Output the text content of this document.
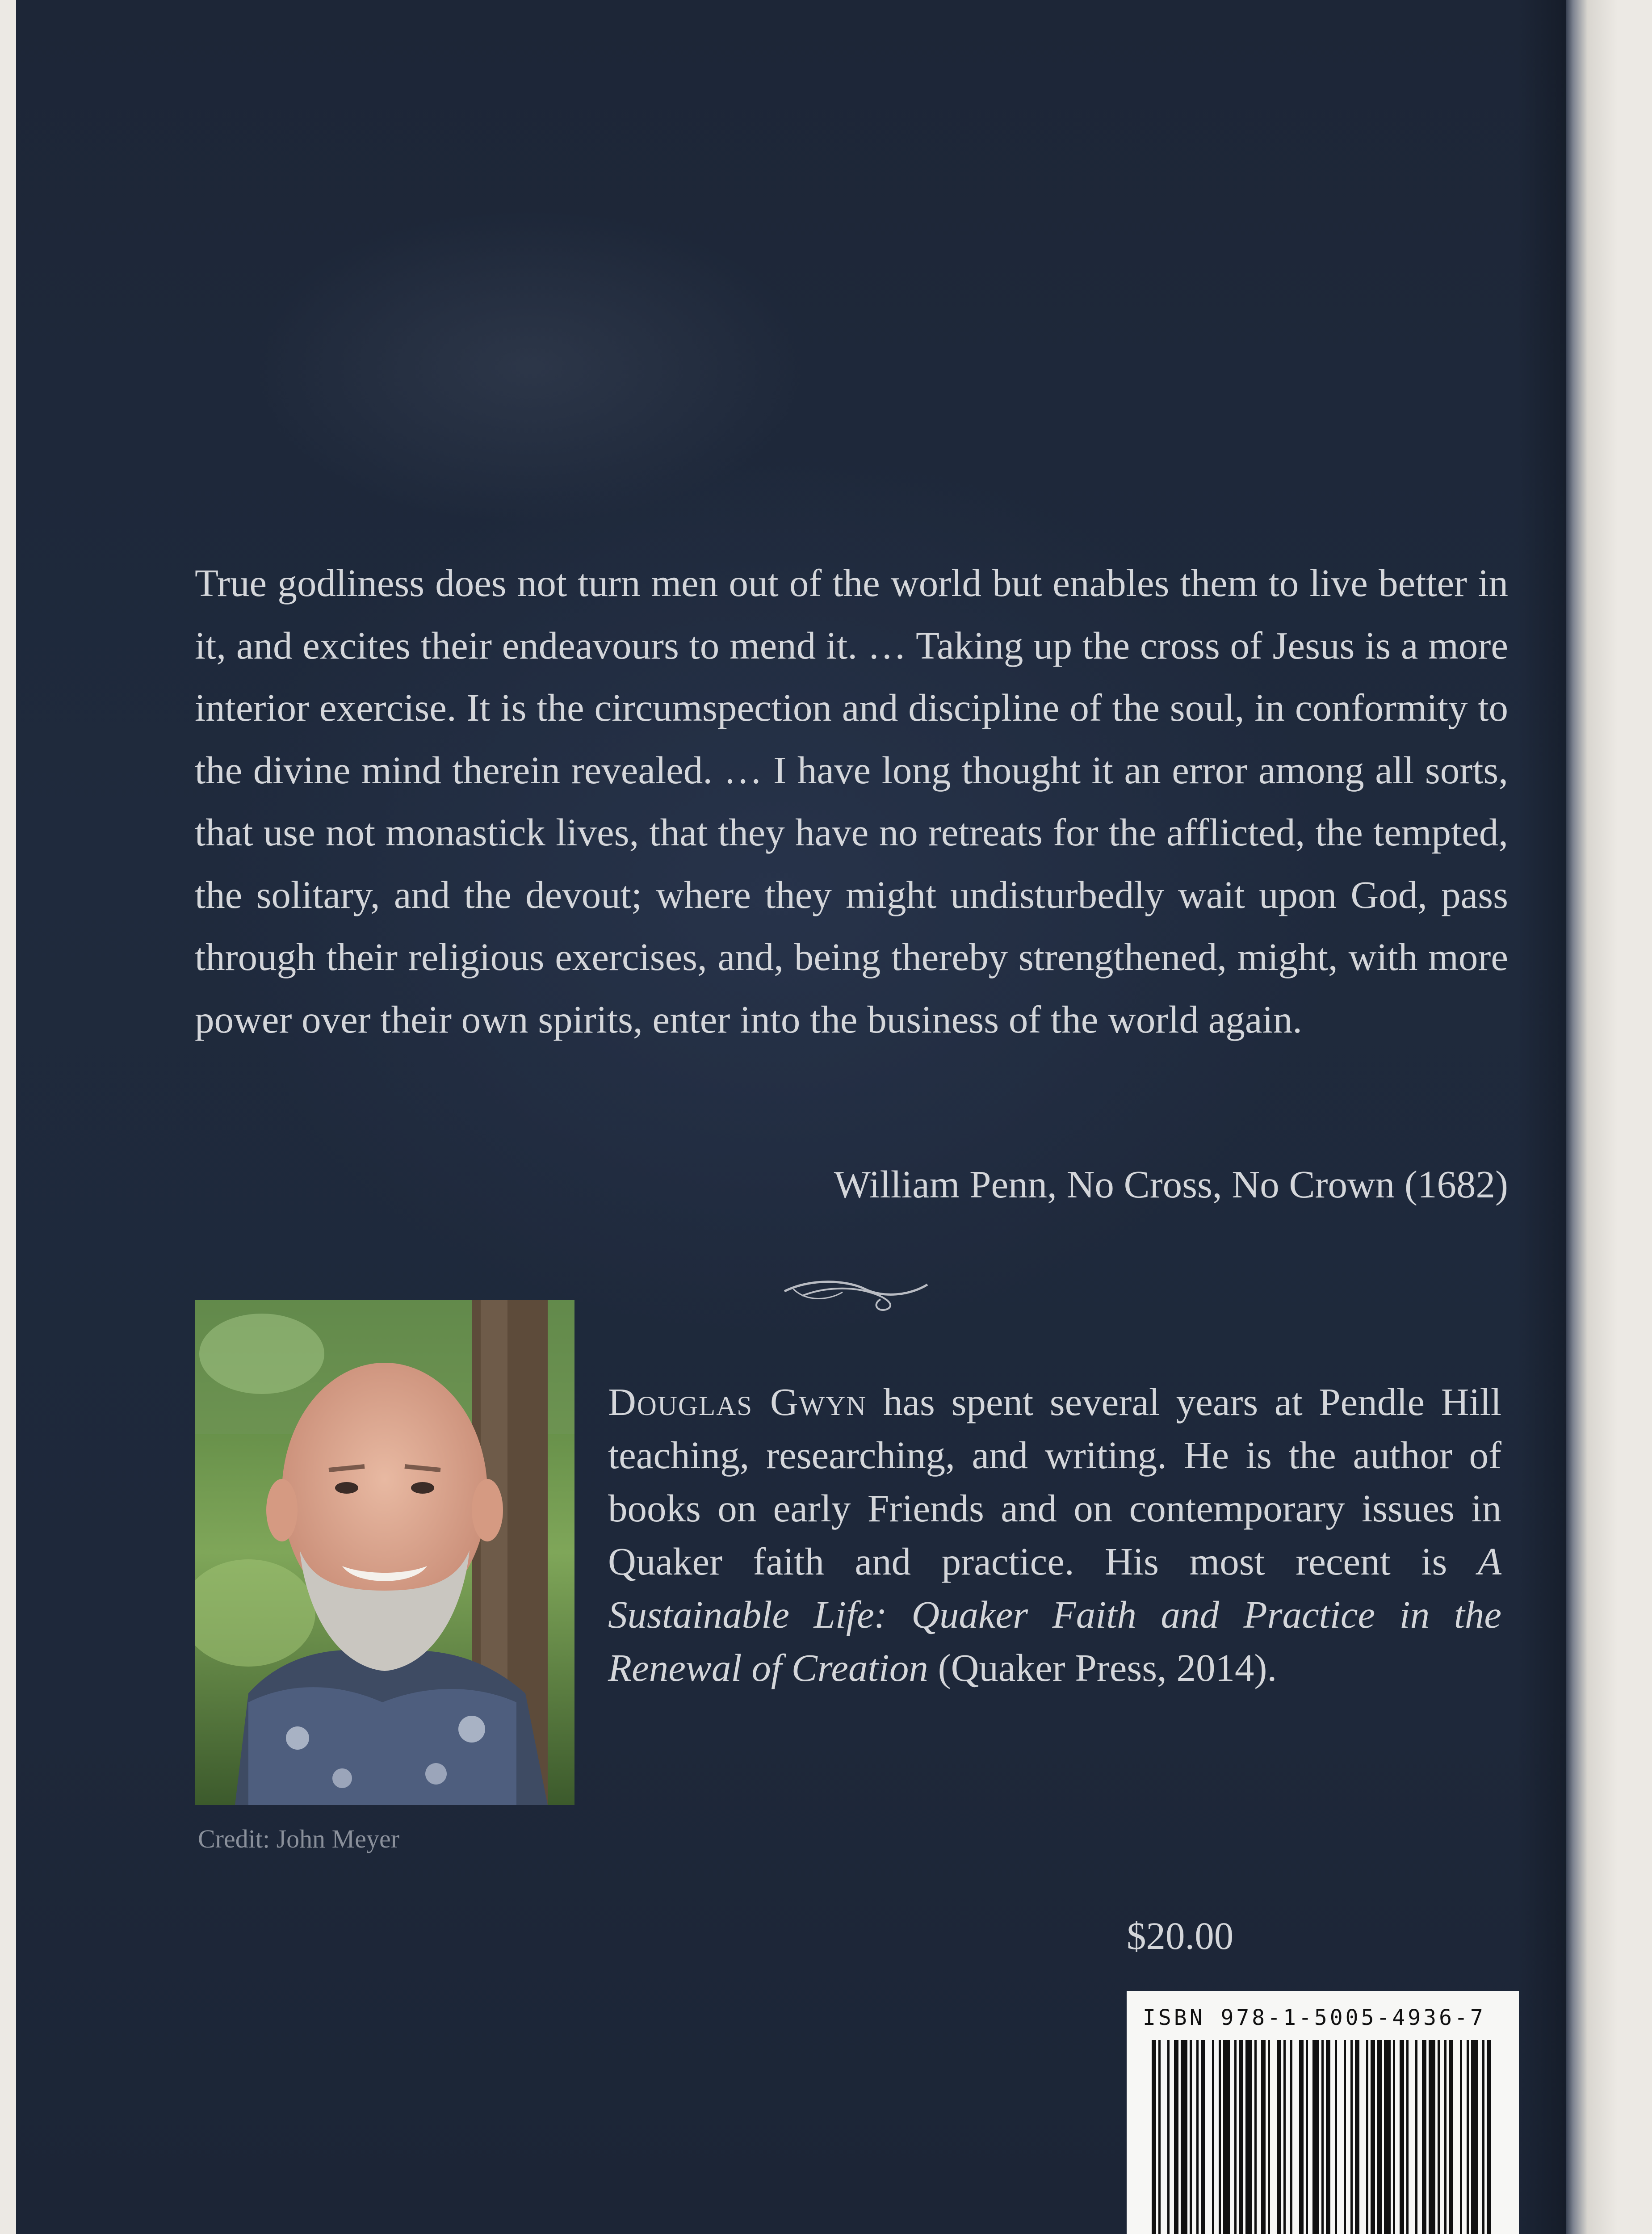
True godliness does not turn men out of the world but enables them to live better in it, and excites their endeavours to mend it. … Taking up the cross of Jesus is a more interior exercise. It is the circumspection and discipline of the soul, in conformity to the divine mind therein revealed. … I have long thought it an error among all sorts, that use not monastick lives, that they have no retreats for the afflicted, the tempted, the solitary, and the devout; where they might undisturbedly wait upon God, pass through their religious exercises, and, being thereby strengthened, might, with more power over their own spirits, enter into the business of the world again.

William Penn, No Cross, No Crown (1682)

Credit: John Meyer

Douglas Gwyn has spent several years at Pendle Hill teaching, researching, and writing. He is the author of books on early Friends and on contemporary issues in Quaker faith and practice. His most recent is A Sustainable Life: Quaker Faith and Practice in the Renewal of Creation (Quaker Press, 2014).

$20.00

ISBN 978-1-5005-4936-7
